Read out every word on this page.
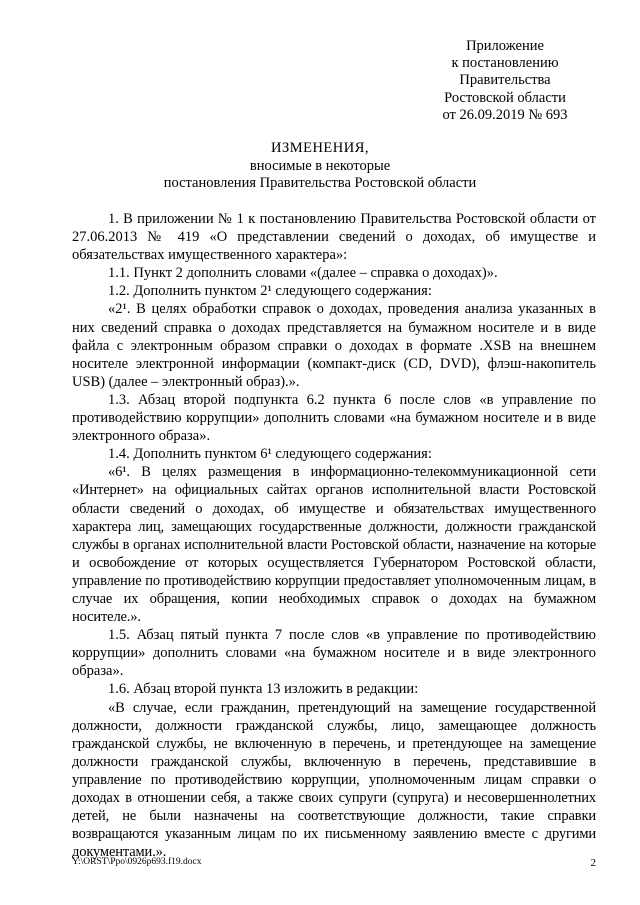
Приложение
к постановлению
Правительства
Ростовской области
от 26.09.2019 № 693
ИЗМЕНЕНИЯ,
вносимые в некоторые
постановления Правительства Ростовской области

1. В приложении № 1 к постановлению Правительства Ростовской области от 27.06.2013 № 419 «О представлении сведений о доходах, об имуществе и обязательствах имущественного характера»:

1.1. Пункт 2 дополнить словами «(далее – справка о доходах)».

1.2. Дополнить пунктом 2¹ следующего содержания:

«2¹. В целях обработки справок о доходах, проведения анализа указанных в них сведений справка о доходах представляется на бумажном носителе и в виде файла с электронным образом справки о доходах в формате .XSB на внешнем носителе электронной информации (компакт-диск (CD, DVD), флэш-накопитель USB) (далее – электронный образ).».

1.3. Абзац второй подпункта 6.2 пункта 6 после слов «в управление по противодействию коррупции» дополнить словами «на бумажном носителе и в виде электронного образа».

1.4. Дополнить пунктом 6¹ следующего содержания:

«6¹. В целях размещения в информационно-телекоммуникационной сети «Интернет» на официальных сайтах органов исполнительной власти Ростовской области сведений о доходах, об имуществе и обязательствах имущественного характера лиц, замещающих государственные должности, должности гражданской службы в органах исполнительной власти Ростовской области, назначение на которые и освобождение от которых осуществляется Губернатором Ростовской области, управление по противодействию коррупции предоставляет уполномоченным лицам, в случае их обращения, копии необходимых справок о доходах на бумажном носителе.».

1.5. Абзац пятый пункта 7 после слов «в управление по противодействию коррупции» дополнить словами «на бумажном носителе и в виде электронного образа».

1.6. Абзац второй пункта 13 изложить в редакции:

«В случае, если гражданин, претендующий на замещение государственной должности, должности гражданской службы, лицо, замещающее должность гражданской службы, не включенную в перечень, и претендующее на замещение должности гражданской службы, включенную в перечень, представившие в управление по противодействию коррупции, уполномоченным лицам справки о доходах в отношении себя, а также своих супруги (супруга) и несовершеннолетних детей, не были назначены на соответствующие должности, такие справки возвращаются указанным лицам по их письменному заявлению вместе с другими документами.».

Y:\ORST\Ppo\0926p693.f19.docx	2
